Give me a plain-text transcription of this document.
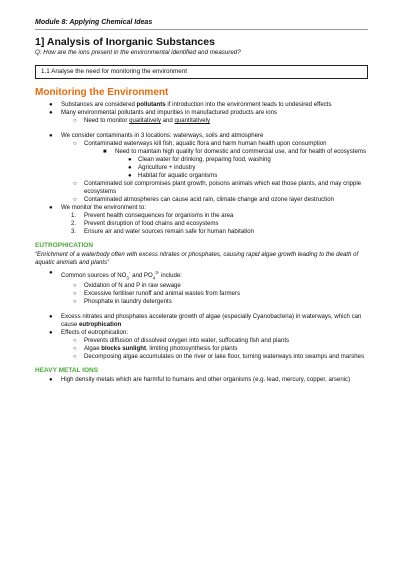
Module 8: Applying Chemical Ideas
1] Analysis of Inorganic Substances
Q: How are the ions present in the environmental identified and measured?
1.1 Analyse the need for monitoring the environment
Monitoring the Environment
● Substances are considered pollutants if introduction into the environment leads to undesired effects
● Many environmental pollutants and impurities in manufactured products are ions
○ Need to monitor qualitatively and quantitatively
● We consider contaminants in 3 locations: waterways, soils and atmosphere
○ Contaminated waterways kill fish, aquatic flora and harm human health upon consumption
■ Need to maintain high quality for domestic and commercial use, and for health of ecosystems
● Clean water for drinking, preparing food, washing
● Agriculture + industry
● Habitat for aquatic organisms
○ Contaminated soil compromises plant growth, poisons animals which eat those plants, and may cripple ecosystems
○ Contaminated atmospheres can cause acid rain, climate change and ozone layer destruction
● We monitor the environment to:
1. Prevent health consequences for organisms in the area
2. Prevent disruption of food chains and ecosystems
3. Ensure air and water sources remain safe for human habitation
EUTROPHICATION
“Enrichment of a waterbody often with excess nitrates or phosphates, causing rapid algae growth leading to the death of aquatic animals and plants”
● Common sources of $NO_3^-$ and $PO_4^{3-}$ include:
○ Oxidation of N and P in raw sewage
○ Excessive fertiliser runoff and animal wastes from farmers
○ Phosphate in laundry detergents
● Excess nitrates and phosphates accelerate growth of algae (especially Cyanobacteria) in waterways, which can cause eutrophication
● Effects of eutrophication:
○ Prevents diffusion of dissolved oxygen into water, suffocating fish and plants
○ Algae blocks sunlight, limiting photosynthesis for plants
○ Decomposing algae accumulates on the river or lake floor, turning waterways into swamps and marshes
HEAVY METAL IONS
● High density metals which are harmful to humans and other organisms (e.g. lead, mercury, copper, arsenic)
